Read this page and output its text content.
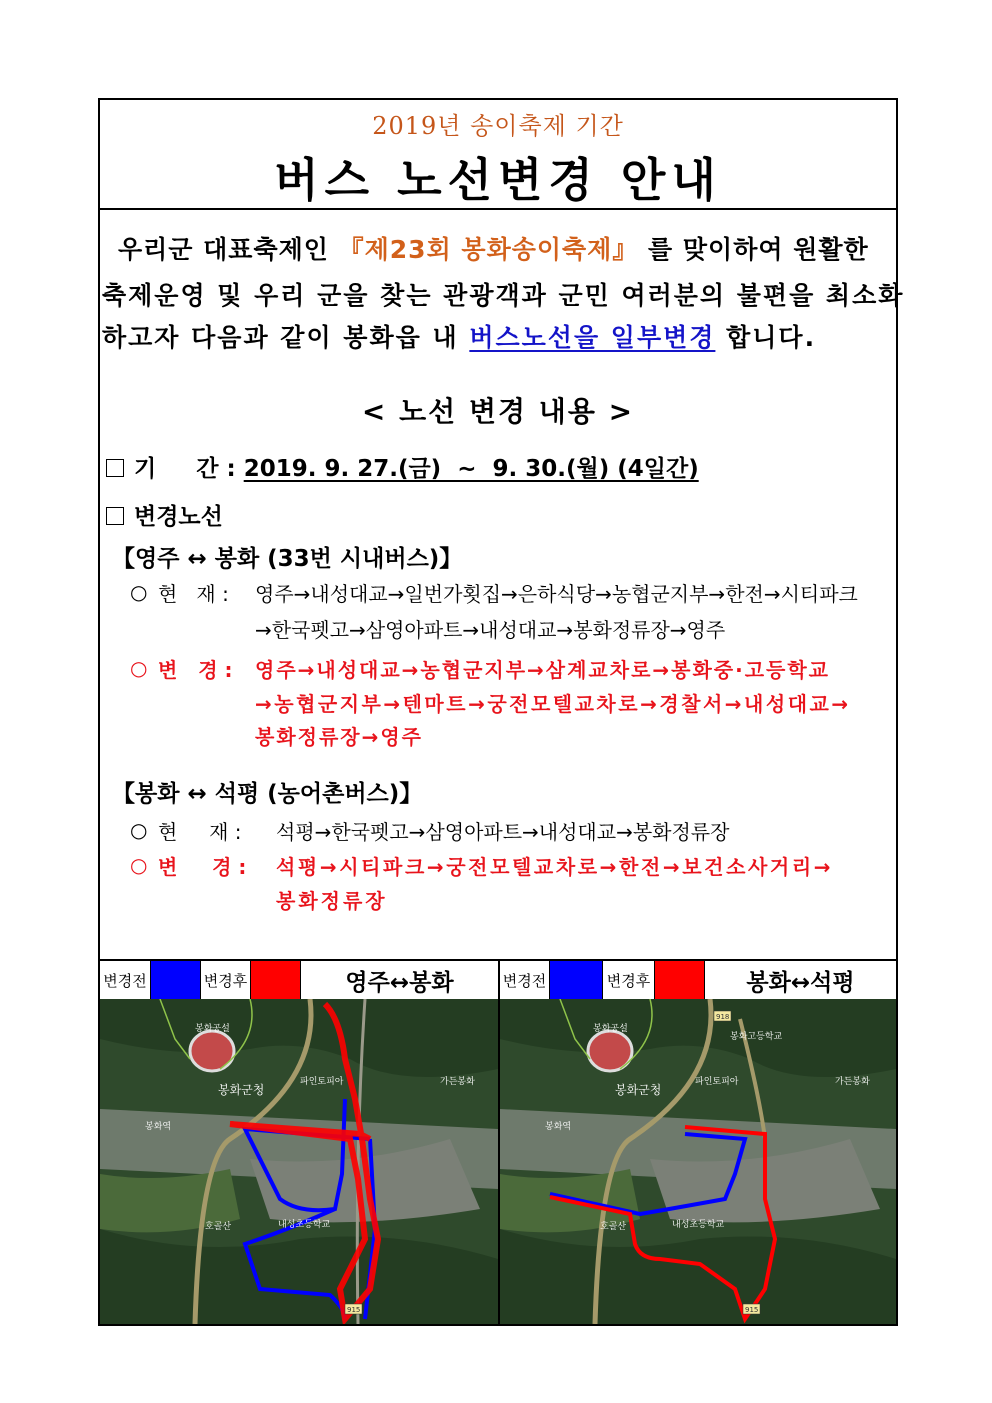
2019년 송이축제 기간
버스 노선변경 안내
우리군 대표축제인 『제23회 봉화송이축제』 를 맞이하여 원활한
축제운영 및 우리 군을 찾는 관광객과 군민 여러분의 불편을 최소화
하고자 다음과 같이 봉화읍 내 버스노선을 일부변경 합니다.
< 노선 변경 내용 >
기     간 : 2019. 9. 27.(금)  ~  9. 30.(월) (4일간)
변경노선
【영주 ↔ 봉화 (33번 시내버스)】
○ 현   재 : 영주→내성대교→일번가횟집→은하식당→농협군지부→한전→시티파크
→한국펫고→삼영아파트→내성대교→봉화정류장→영주
○ 변   경 : 영주→내성대교→농협군지부→삼계교차로→봉화중·고등학교
→농협군지부→텐마트→궁전모텔교차로→경찰서→내성대교→
봉화정류장→영주
【봉화 ↔ 석평 (농어촌버스)】
○ 현     재 : 석평→한국펫고→삼영아파트→내성대교→봉화정류장
○ 변     경 : 석평→시티파크→궁전모텔교차로→한전→보건소사거리→
봉화정류장
변경전	변경후	영주↔봉화	변경전	변경후	봉화↔석평
봉화공설
봉화군청
파인토피아
봉화역
가든봉화
호골산	내성초등학교
915
봉화공설
봉화군청
파인토피아
봉화고등학교
봉화역
가든봉화
호골산	내성초등학교
918
915
